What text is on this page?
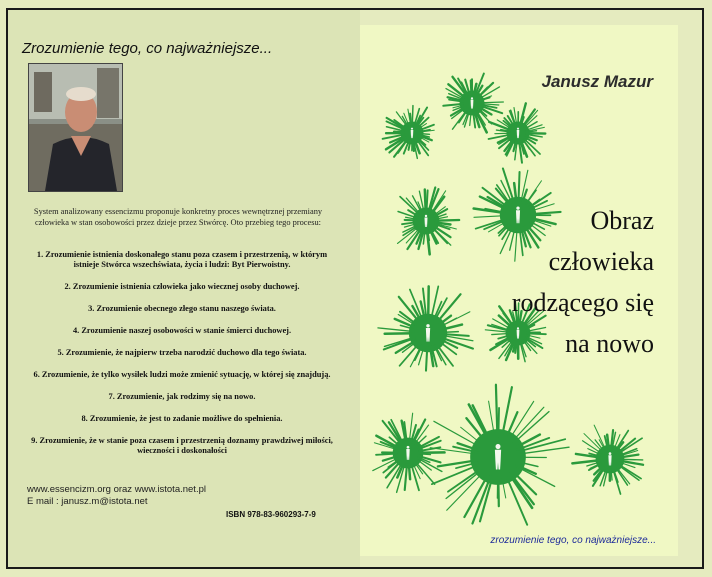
Zrozumienie tego, co najważniejsze...
System analizowany essencizmu proponuje konkretny proces wewnętrznej przemiany człowieka w stan osobowości przez dzieje przez Stwórcę. Oto przebieg tego procesu:
1. Zrozumienie istnienia doskonałego stanu poza czasem i przestrzenią, w którym istnieje Stwórca wszechświata, życia i ludzi: Byt Pierwoistny.
2. Zrozumienie istnienia człowieka jako wiecznej osoby duchowej.
3. Zrozumienie obecnego złego stanu naszego świata.
4. Zrozumienie naszej osobowości w stanie śmierci duchowej.
5. Zrozumienie, że najpierw trzeba narodzić duchowo dla tego świata.
6. Zrozumienie, że tylko wysiłek ludzi może zmienić sytuację, w której się znajdują.
7. Zrozumienie, jak rodzimy się na nowo.
8. Zrozumienie, że jest to zadanie możliwe do spełnienia.
9. Zrozumienie, że w stanie poza czasem i przestrzenią doznamy prawdziwej miłości, wieczności i doskonałości
www.essencizm.org oraz www.istota.net.pl
E mail : janusz.m@istota.net
ISBN 978-83-960293-7-9
Janusz Mazur
Obraz
człowieka
rodzącego się
na nowo
zrozumienie tego, co najważniejsze...
